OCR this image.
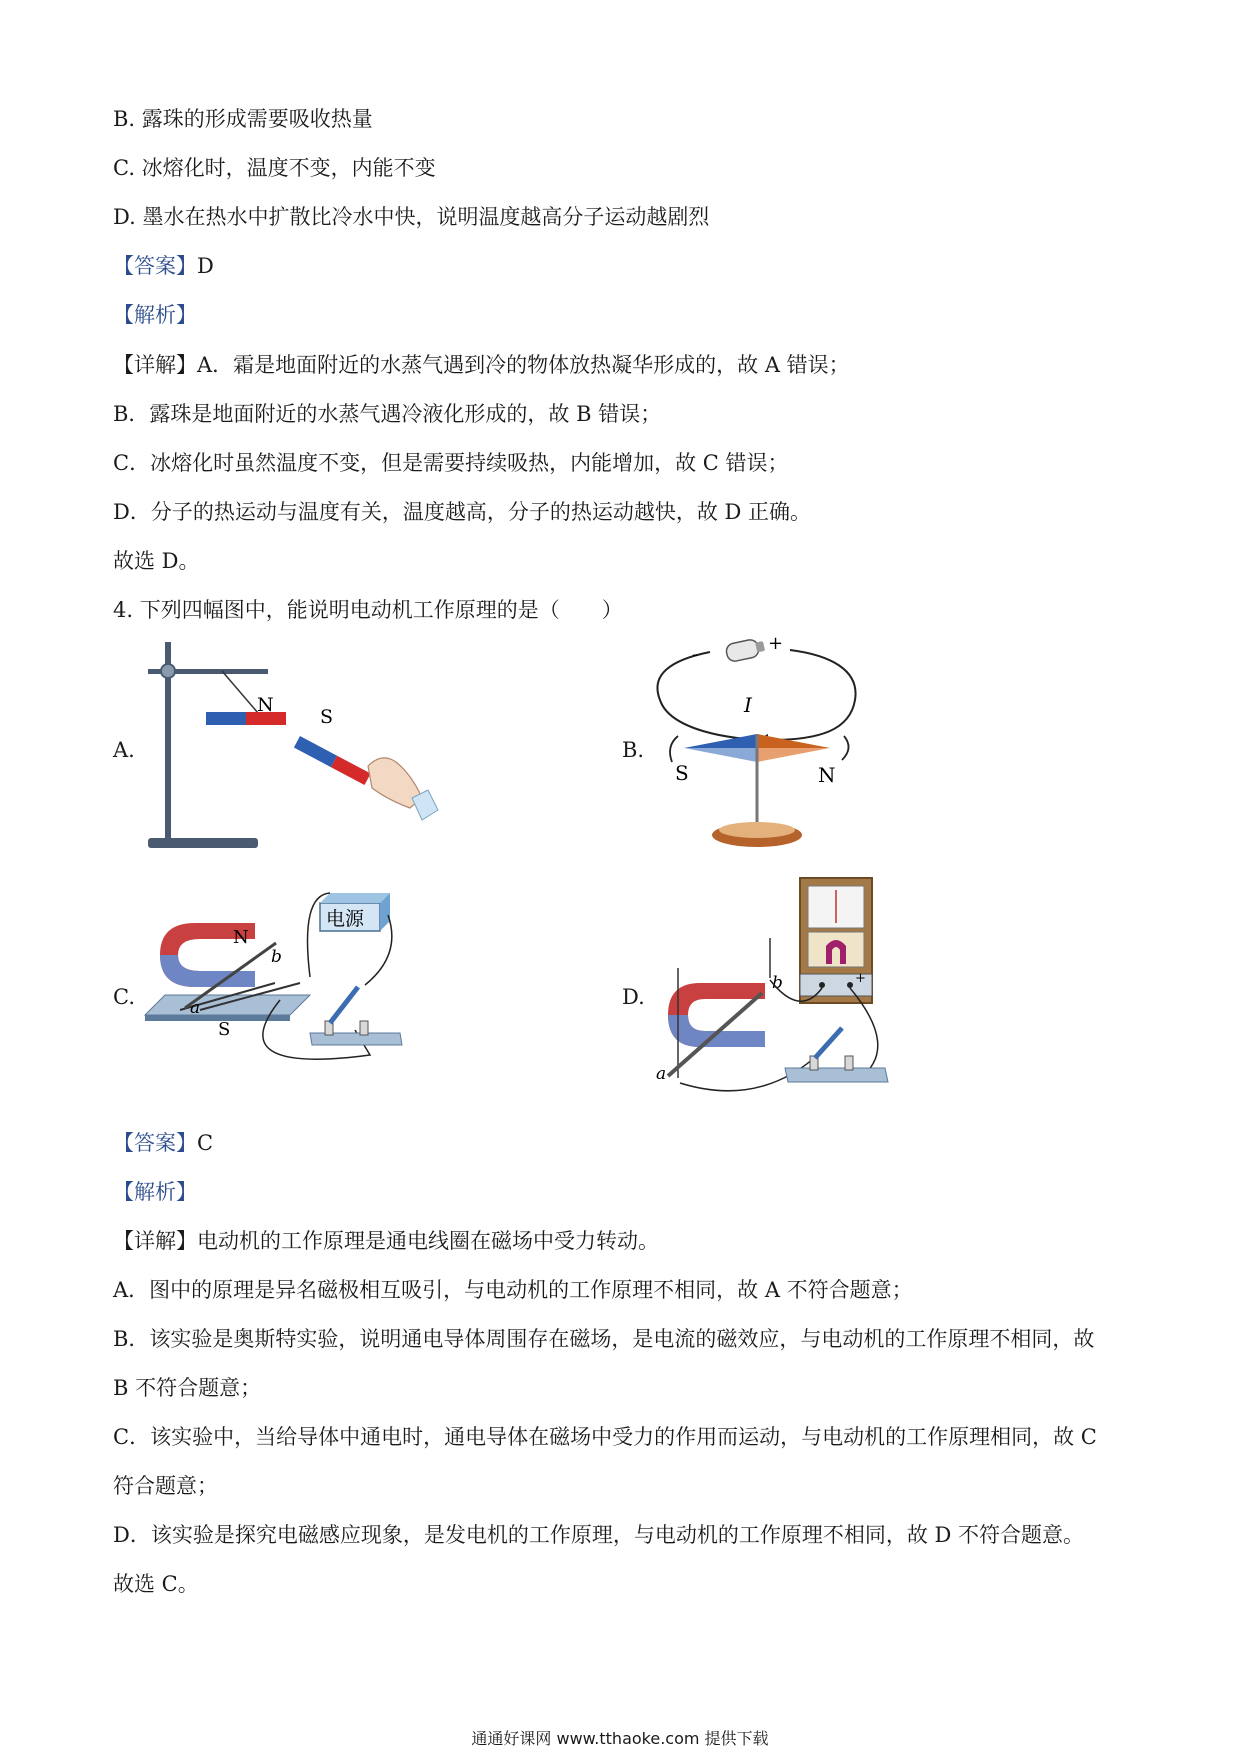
B. 露珠的形成需要吸收热量
C. 冰熔化时，温度不变，内能不变
D. 墨水在热水中扩散比冷水中快，说明温度越高分子运动越剧烈
【答案】D
【解析】
【详解】A．霜是地面附近的水蒸气遇到冷的物体放热凝华形成的，故 A 错误；
B．露珠是地面附近的水蒸气遇冷液化形成的，故 B 错误；
C．冰熔化时虽然温度不变，但是需要持续吸热，内能增加，故 C 错误；
D．分子的热运动与温度有关，温度越高，分子的热运动越快，故 D 正确。
故选 D。
4. 下列四幅图中，能说明电动机工作原理的是（　　）
A.	B.
C.	D.
N
S
-
+
I
S	N
N
S
a
b
电源
a
b	+
【答案】C
【解析】
【详解】电动机的工作原理是通电线圈在磁场中受力转动。
A．图中的原理是异名磁极相互吸引，与电动机的工作原理不相同，故 A 不符合题意；
B．该实验是奥斯特实验，说明通电导体周围存在磁场，是电流的磁效应，与电动机的工作原理不相同，故
B 不符合题意；
C．该实验中，当给导体中通电时，通电导体在磁场中受力的作用而运动，与电动机的工作原理相同，故 C
符合题意；
D．该实验是探究电磁感应现象，是发电机的工作原理，与电动机的工作原理不相同，故 D 不符合题意。
故选 C。
通通好课网 www.tthaoke.com 提供下载
